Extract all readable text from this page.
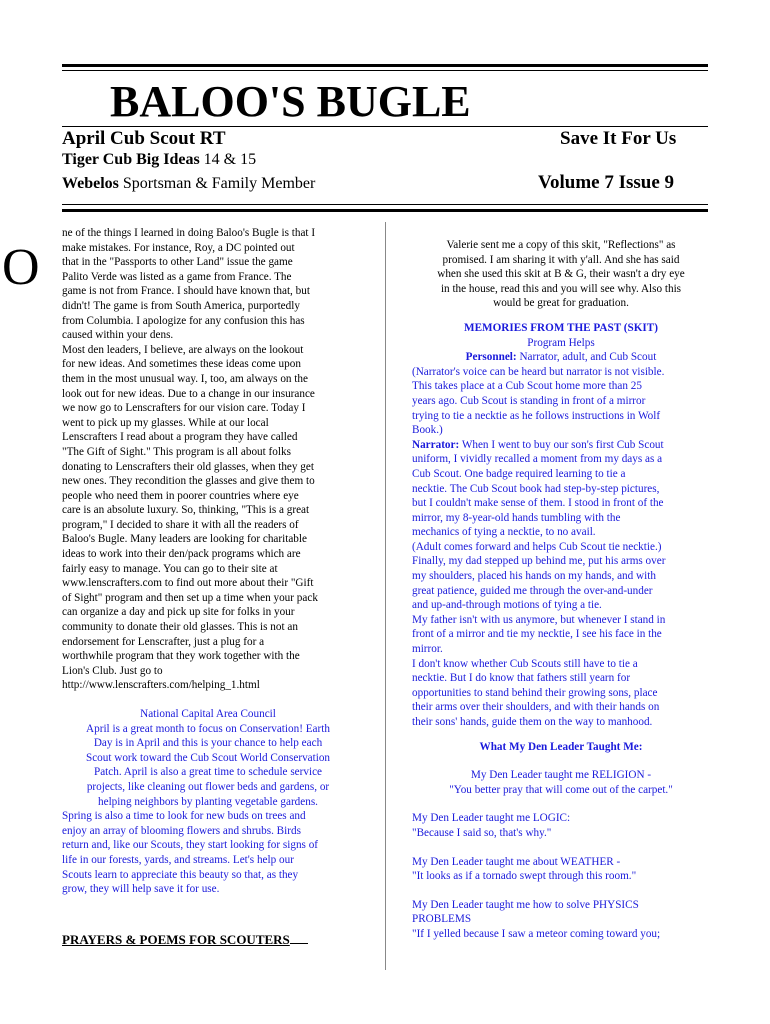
BALOO'S BUGLE
April Cub Scout RT
Tiger Cub Big Ideas 14 & 15
Webelos Sportsman & Family Member
Save It For Us
Volume 7 Issue 9
O

ne of the things I learned in doing Baloo's Bugle is that I

make mistakes. For instance, Roy, a DC pointed out

that in the "Passports to other Land" issue the game

Palito Verde was listed as a game from France. The

game is not from France. I should have known that, but

didn't! The game is from South America, purportedly

from Columbia. I apologize for any confusion this has

caused within your dens.

Most den leaders, I believe, are always on the lookout

for new ideas. And sometimes these ideas come upon

them in the most unusual way. I, too, am always on the

look out for new ideas. Due to a change in our insurance

we now go to Lenscrafters for our vision care. Today I

went to pick up my glasses. While at our local

Lenscrafters I read about a program they have called

"The Gift of Sight." This program is all about folks

donating to Lenscrafters their old glasses, when they get

new ones. They recondition the glasses and give them to

people who need them in poorer countries where eye

care is an absolute luxury. So, thinking, "This is a great

program," I decided to share it with all the readers of

Baloo's Bugle. Many leaders are looking for charitable

ideas to work into their den/pack programs which are

fairly easy to manage. You can go to their site at

www.lenscrafters.com to find out more about their "Gift

of Sight" program and then set up a time when your pack

can organize a day and pick up site for folks in your

community to donate their old glasses. This is not an

endorsement for Lenscrafter, just a plug for a

worthwhile program that they work together with the

Lion's Club. Just go to

http://www.lenscrafters.com/helping_1.html

National Capital Area Council

April is a great month to focus on Conservation! Earth

Day is in April and this is your chance to help each

Scout work toward the Cub Scout World Conservation

Patch. April is also a great time to schedule service

projects, like cleaning out flower beds and gardens, or

helping neighbors by planting vegetable gardens.

Spring is also a time to look for new buds on trees and

enjoy an array of blooming flowers and shrubs. Birds

return and, like our Scouts, they start looking for signs of

life in our forests, yards, and streams. Let's help our

Scouts learn to appreciate this beauty so that, as they

grow, they will help save it for use.

PRAYERS & POEMS FOR SCOUTERS

Valerie sent me a copy of this skit, "Reflections" as

promised. I am sharing it with y'all. And she has said

when she used this skit at B & G, their wasn't a dry eye

in the house, read this and you will see why. Also this

would be great for graduation.

MEMORIES FROM THE PAST (SKIT)

Program Helps

Personnel: Narrator, adult, and Cub Scout

(Narrator's voice can be heard but narrator is not visible.

This takes place at a Cub Scout home more than 25

years ago. Cub Scout is standing in front of a mirror

trying to tie a necktie as he follows instructions in Wolf

Book.)

Narrator: When I went to buy our son's first Cub Scout

uniform, I vividly recalled a moment from my days as a

Cub Scout. One badge required learning to tie a

necktie. The Cub Scout book had step-by-step pictures,

but I couldn't make sense of them. I stood in front of the

mirror, my 8-year-old hands tumbling with the

mechanics of tying a necktie, to no avail.

(Adult comes forward and helps Cub Scout tie necktie.)

Finally, my dad stepped up behind me, put his arms over

my shoulders, placed his hands on my hands, and with

great patience, guided me through the over-and-under

and up-and-through motions of tying a tie.

My father isn't with us anymore, but whenever I stand in

front of a mirror and tie my necktie, I see his face in the

mirror.

I don't know whether Cub Scouts still have to tie a

necktie. But I do know that fathers still yearn for

opportunities to stand behind their growing sons, place

their arms over their shoulders, and with their hands on

their sons' hands, guide them on the way to manhood.

What My Den Leader Taught Me:

My Den Leader taught me RELIGION -

"You better pray that will come out of the carpet."

My Den Leader taught me LOGIC:

"Because I said so, that's why."

My Den Leader taught me about WEATHER -

"It looks as if a tornado swept through this room."

My Den Leader taught me how to solve PHYSICS

PROBLEMS

"If I yelled because I saw a meteor coming toward you;
